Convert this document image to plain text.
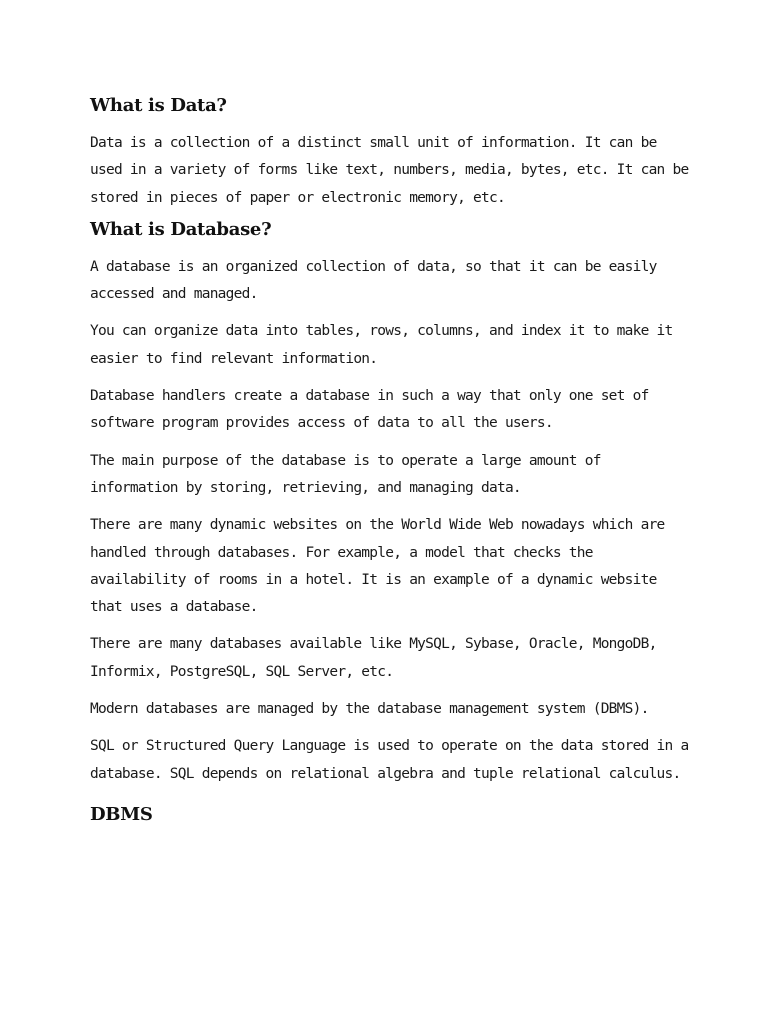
What is Data?

Data is a collection of a distinct small unit of information. It can be used in a variety of forms like text, numbers, media, bytes, etc. It can be stored in pieces of paper or electronic memory, etc.

What is Database?

A database is an organized collection of data, so that it can be easily accessed and managed.

You can organize data into tables, rows, columns, and index it to make it easier to find relevant information.

Database handlers create a database in such a way that only one set of software program provides access of data to all the users.

The main purpose of the database is to operate a large amount of information by storing, retrieving, and managing data.

There are many dynamic websites on the World Wide Web nowadays which are handled through databases. For example, a model that checks the availability of rooms in a hotel. It is an example of a dynamic website that uses a database.

There are many databases available like MySQL, Sybase, Oracle, MongoDB, Informix, PostgreSQL, SQL Server, etc.

Modern databases are managed by the database management system (DBMS).

SQL or Structured Query Language is used to operate on the data stored in a database. SQL depends on relational algebra and tuple relational calculus.

DBMS
